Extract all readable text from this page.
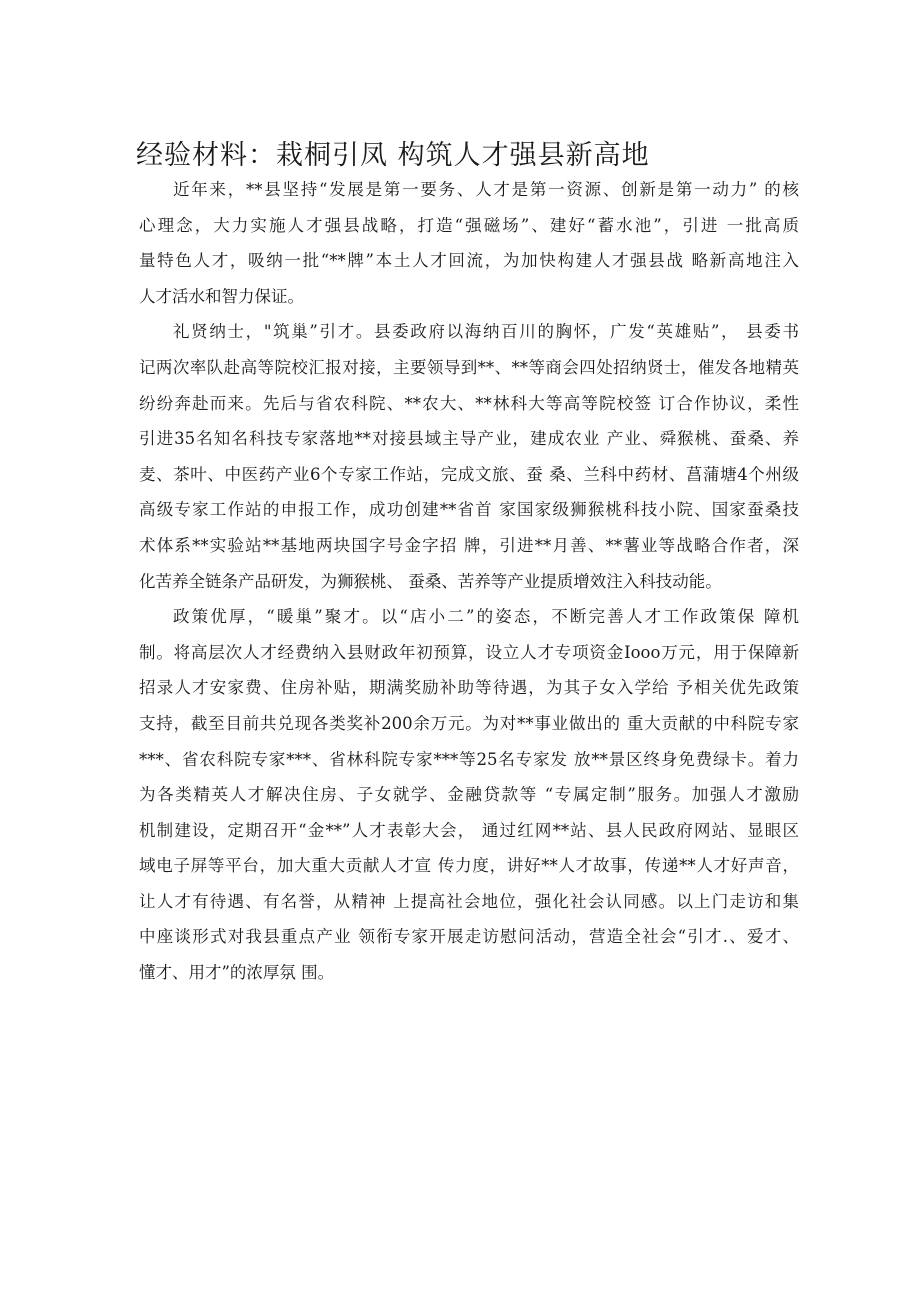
经验材料：栽桐引凤 构筑人才强县新高地
近年来，**县坚持“发展是第一要务、人才是第一资源、创新是第一动力” 的核
心理念，大力实施人才强县战略，打造“强磁场”、建好“蓄水池”，引进 一批高质
量特色人才，吸纳一批“**牌”本土人才回流，为加快构建人才强县战 略新高地注入
人才活水和智力保证。
礼贤纳士，"筑巢”引才。县委政府以海纳百川的胸怀，广发“英雄贴”， 县委书
记两次率队赴高等院校汇报对接，主要领导到**、**等商会四处招纳贤士，催发各地精英
纷纷奔赴而来。先后与省农科院、**农大、**林科大等高等院校签 订合作协议，柔性
引进35名知名科技专家落地**对接县域主导产业，建成农业 产业、舜猴桃、蚕桑、养
麦、茶叶、中医药产业6个专家工作站，完成文旅、蚕 桑、兰科中药材、菖蒲塘4个州级
高级专家工作站的申报工作，成功创建**省首 家国家级狮猴桃科技小院、国家蚕桑技
术体系**实验站**基地两块国字号金字招 牌，引进**月善、**薯业等战略合作者，深
化苦养全链条产品研发，为狮猴桃、 蚕桑、苦养等产业提质增效注入科技动能。
政策优厚，“暖巢”聚才。以“店小二”的姿态，不断完善人才工作政策保 障机
制。将高层次人才经费纳入县财政年初预算，设立人才专项资金Iooo万元，用于保障新
招录人才安家费、住房补贴，期满奖励补助等待遇，为其子女入学给 予相关优先政策
支持，截至目前共兑现各类奖补200余万元。为对**事业做出的 重大贡献的中科院专家
***、省农科院专家***、省林科院专家***等25名专家发 放**景区终身免费绿卡。着力
为各类精英人才解决住房、子女就学、金融贷款等 “专属定制”服务。加强人才激励
机制建设，定期召开“金**”人才表彰大会， 通过红网**站、县人民政府网站、显眼区
域电子屏等平台，加大重大贡献人才宣 传力度，讲好**人才故事，传递**人才好声音，
让人才有待遇、有名誉，从精神 上提高社会地位，强化社会认同感。以上门走访和集
中座谈形式对我县重点产业 领衔专家开展走访慰问活动，营造全社会“引才.、爱才、
懂才、用才”的浓厚氛 围。
